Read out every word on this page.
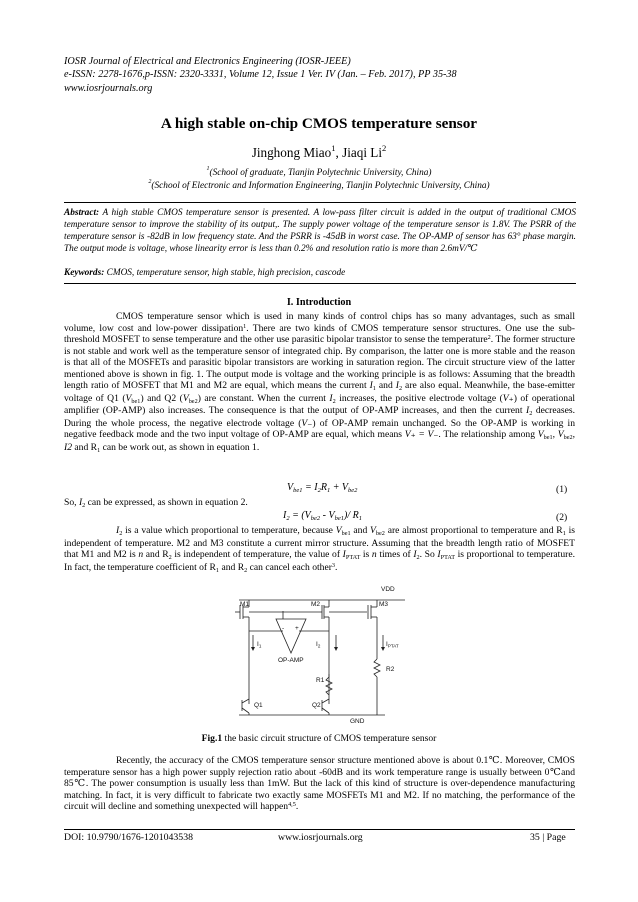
IOSR Journal of Electrical and Electronics Engineering (IOSR-JEEE)
e-ISSN: 2278-1676,p-ISSN: 2320-3331, Volume 12, Issue 1 Ver. IV (Jan. – Feb. 2017), PP 35-38
www.iosrjournals.org
A high stable on-chip CMOS temperature sensor
Jinghong Miao$^1$, Jiaqi Li$^2$
$^1$(School of graduate, Tianjin Polytechnic University, China)
$^2$(School of Electronic and Information Engineering, Tianjin Polytechnic University, China)
Abstract: A high stable CMOS temperature sensor is presented. A low-pass filter circuit is added in the output of traditional CMOS temperature sensor to improve the stability of its output,. The supply power voltage of the temperature sensor is 1.8V. The PSRR of the temperature sensor is -82dB in low frequency state. And the PSRR is -45dB in worst case. The OP-AMP of sensor has 63° phase margin. The output mode is voltage, whose linearity error is less than 0.2% and resolution ratio is more than 2.6mV/℃
Keywords: CMOS, temperature sensor, high stable, high precision, cascode
I. Introduction

CMOS temperature sensor which is used in many kinds of control chips has so many advantages, such as small volume, low cost and low-power dissipation$^1$. There are two kinds of CMOS temperature sensor structures. One use the sub-threshold MOSFET to sense temperature and the other use parasitic bipolar transistor to sense the temperature$^2$. The former structure is not stable and work well as the temperature sensor of integrated chip. By comparison, the latter one is more stable and the reason is that all of the MOSFETs and parasitic bipolar transistors are working in saturation region. The circuit structure view of the latter mentioned above is shown in fig. 1. The output mode is voltage and the working principle is as follows: Assuming that the breadth length ratio of MOSFET that M1 and M2 are equal, which means the current $I_1$ and $I_2$ are also equal. Meanwhile, the base-emitter voltage of Q1 $(V_{be1})$ and Q2 $(V_{be2})$ are constant. When the current $I_2$ increases, the positive electrode voltage (V₊) of operational amplifier (OP-AMP) also increases. The consequence is that the output of OP-AMP increases, and then the current $I_2$ decreases. During the whole process, the negative electrode voltage (V₋) of OP-AMP remain unchanged. So the OP-AMP is working in negative feedback mode and the two input voltage of OP-AMP are equal, which means V₊ = V₋. The relationship among $V_{be1}$, $V_{be2}$, I2 and $R_1$ can be work out, as shown in equation 1.

$V_{be1} = I_2R_1 + V_{be2}$	(1)
So, $I_2$ can be expressed, as shown in equation 2.
$I_2 = (V_{be2} - V_{be1})/$ $R_1$	(2)

$I_2$ is a value which proportional to temperature, because $V_{be1}$ and $V_{be2}$ are almost proportional to temperature and $R_1$ is independent of temperature. M2 and M3 constitute a current mirror structure. Assuming that the breadth length ratio of MOSFET that M1 and M2 is n and $R_2$ is independent of temperature, the value of $I_{PTAT}$ is n times of $I_2$. So $I_{PTAT}$ is proportional to temperature. In fact, the temperature coefficient of $R_1$ and $R_2$ can cancel each other$^3$.

VDD
M1	M2	M3
$I_1$	$I_2$	$I_{PTAT}$
- +
OP-AMP
R1
R2
Q1	Q2
GND
Fig.1 the basic circuit structure of CMOS temperature sensor

Recently, the accuracy of the CMOS temperature sensor structure mentioned above is about 0.1℃. Moreover, CMOS temperature sensor has a high power supply rejection ratio about -60dB and its work temperature range is usually between 0℃and 85℃. The power consumption is usually less than 1mW. But the lack of this kind of structure is over-dependence manufacturing matching. In fact, it is very difficult to fabricate two exactly same MOSFETs M1 and M2. If no matching, the performance of the circuit will decline and something unexpected will happen$^{4,5}$.

DOI: 10.9790/1676-1201043538	www.iosrjournals.org	35 | Page
